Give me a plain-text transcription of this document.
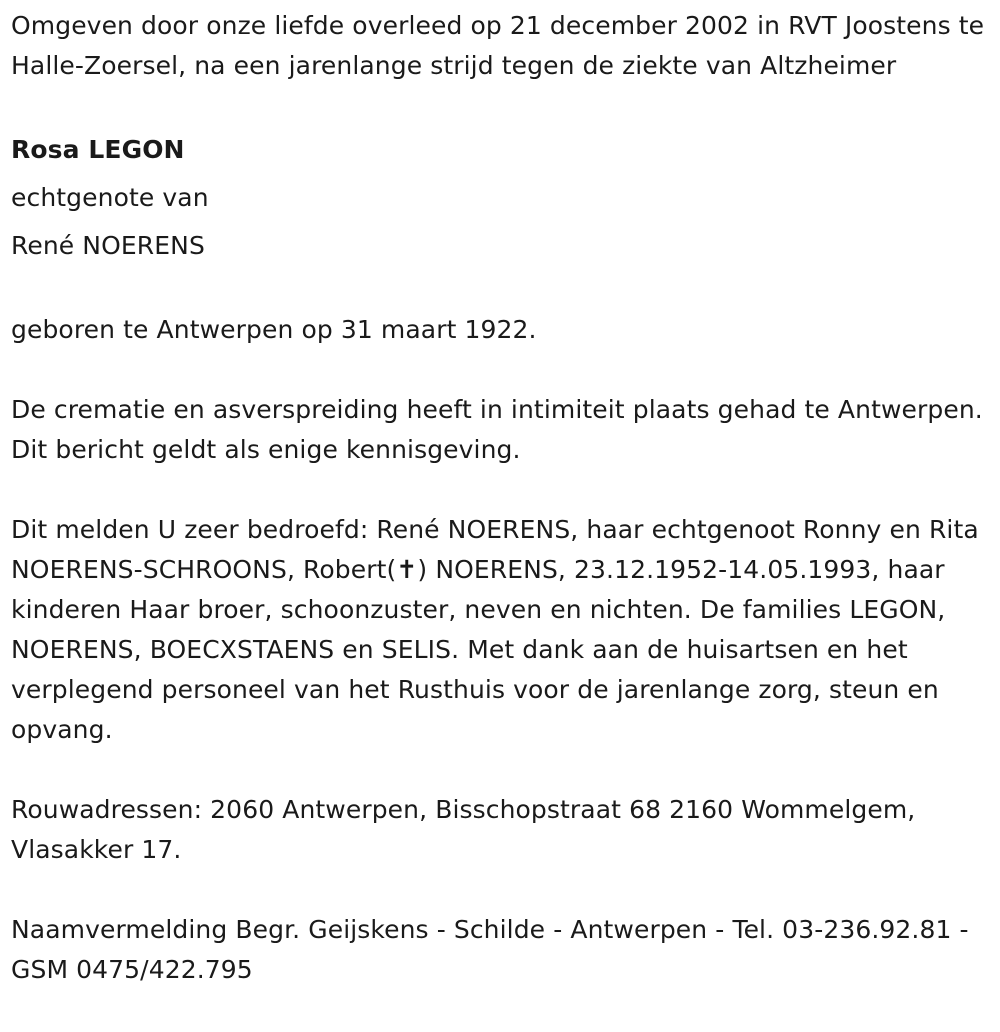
Omgeven door onze liefde overleed op 21 december 2002 in RVT Joostens te Halle-Zoersel, na een jarenlange strijd tegen de ziekte van Altzheimer

Rosa LEGON

echtgenote van

René NOERENS

geboren te Antwerpen op 31 maart 1922.

De crematie en asverspreiding heeft in intimiteit plaats gehad te Antwerpen. Dit bericht geldt als enige kennisgeving.

Dit melden U zeer bedroefd: René NOERENS, haar echtgenoot Ronny en Rita NOERENS-SCHROONS, Robert(✝) NOERENS, 23.12.1952-14.05.1993, haar kinderen Haar broer, schoonzuster, neven en nichten. De families LEGON, NOERENS, BOECXSTAENS en SELIS. Met dank aan de huisartsen en het verplegend personeel van het Rusthuis voor de jarenlange zorg, steun en opvang.

Rouwadressen: 2060 Antwerpen, Bisschopstraat 68 2160 Wommelgem, Vlasakker 17.

Naamvermelding Begr. Geijskens - Schilde - Antwerpen - Tel. 03-236.92.81 - GSM 0475/422.795
